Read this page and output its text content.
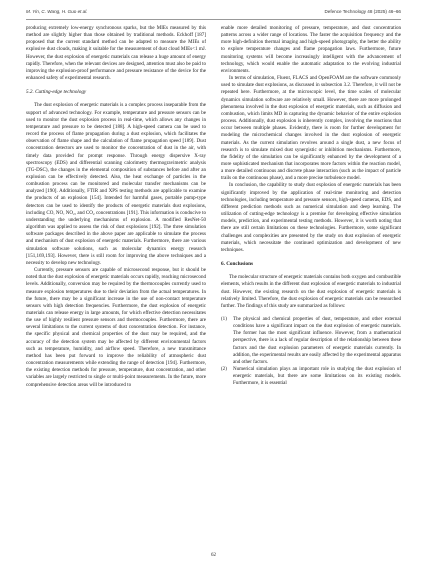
M. Yin, C. Wang, H. Guo et al.	Defence Technology 48 (2025) 46–66

producing extremely low-energy synchronous sparks, but the MIEs measured by this method are slightly higher than those obtained by traditional methods. Eckhoff [187] proposed that the current standard method can be adapted to measure the MIEs of explosive dust clouds, making it suitable for the measurement of dust cloud MIEs<1 mJ. However, the dust explosion of energetic materials can release a huge amount of energy rapidly. Therefore, when the relevant devices are designed, attention must also be paid to improving the explosion-proof performance and pressure resistance of the device for the enhanced safety of experimental research.

5.2. Cutting-edge technology

The dust explosion of energetic materials is a complex process inseparable from the support of advanced technology. For example, temperature and pressure sensors can be used to monitor the dust explosion process in real-time, which allows any changes in temperature and pressure to be detected [188]. A high-speed camera can be used to record the process of flame propagation during a dust explosion, which facilitates the observation of flame shape and the calculation of flame propagation speed [189]. Dust concentration detectors are used to monitor the concentration of dust in the air, with timely data provided for prompt response. Through energy dispersive X-ray spectroscopy (EDS) and differential scanning calorimetry thermogravimetric analysis (TG-DSC), the changes in the elemental composition of substances before and after an explosion can be effectively detected. Also, the heat exchange of particles in the combustion process can be monitored and molecular transfer mechanisms can be analyzed [190]. Additionally, FTIR and XPS testing methods are applicable to examine the products of an explosion [154]. Intended for harmful gases, portable pump-type detectors can be used to identify the products of energetic materials dust explosions, including CO, NO, NO₂, and CO₂ concentrations [191]. This information is conducive to understanding the underlying mechanisms of explosion. A modified ResNet-50 algorithm was applied to assess the risk of dust explosions [192]. The three simulation software packages described in the above paper are applicable to simulate the process and mechanism of dust explosion of energetic materials. Furthermore, there are various simulation software solutions, such as molecular dynamics energy research [151,169,193]. However, there is still room for improving the above techniques and a necessity to develop new technology.

Currently, pressure sensors are capable of microsecond response, but it should be noted that the dust explosion of energetic materials occurs rapidly, reaching microsecond levels. Additionally, conversion may be required by the thermocouples currently used to measure explosion temperatures due to their deviation from the actual temperatures. In the future, there may be a significant increase in the use of non-contact temperature sensors with high detection frequencies. Furthermore, the dust explosion of energetic materials can release energy in large amounts, for which effective detection necessitates the use of highly resilient pressure sensors and thermocouples. Furthermore, there are several limitations to the current systems of dust concentration detection. For instance, the specific physical and chemical properties of the dust may be required, and the accuracy of the detection system may be affected by different environmental factors such as temperature, humidity, and airflow speed. Therefore, a new transmittance method has been put forward to improve the reliability of atmospheric dust concentration measurements while extending the range of detection [194]. Furthermore, the existing detection methods for pressure, temperature, dust concentration, and other variables are largely restricted to single or multi-point measurements. In the future, more comprehensive detection areas will be introduced to

enable more detailed monitoring of pressure, temperature, and dust concentration patterns across a wider range of locations. The faster the acquisition frequency and the more high-definition thermal imaging and high-speed photography, the better the ability to explore temperature changes and flame propagation laws. Furthermore, future monitoring systems will become increasingly intelligent with the advancement of technology, which would enable the automatic adaptation to the evolving industrial environments.

In terms of simulation, Fluent, FLACS and OpenFOAM are the software commonly used to simulate dust explosions, as discussed in subsection 3.2. Therefore, it will not be repeated here. Furthermore, at the microscopic level, the time scales of molecular dynamics simulation software are relatively small. However, there are more prolonged phenomena involved in the dust explosion of energetic materials, such as diffusion and combustion, which limits MD in capturing the dynamic behavior of the entire explosion process. Additionally, dust explosion is inherently complex, involving the reactions that occur between multiple phases. Evidently, there is room for further development for modeling the microchemical changes involved in the dust explosion of energetic materials. As the current simulation revolves around a single dust, a new focus of research is to simulate mixed dust synergistic or inhibition mechanisms. Furthermore, the fidelity of the simulation can be significantly enhanced by the development of a more sophisticated mechanism that incorporates more factors within the reaction model, a more detailed continuous and discrete phase interaction (such as the impact of particle trails on the continuous phase), and a more precise turbulence model.

In conclusion, the capability to study dust explosion of energetic materials has been significantly improved by the application of real-time monitoring and detection technologies, including temperature and pressure sensors, high-speed cameras, EDS, and different prediction methods such as numerical simulation and deep learning. The utilization of cutting-edge technology is a premise for developing effective simulation models, prediction, and experimental testing methods. However, it is worth noting that there are still certain limitations on these technologies. Furthermore, some significant challenges and complexities are presented by the study on dust explosion of energetic materials, which necessitate the continued optimization and development of new techniques.

6. Conclusions

The molecular structure of energetic materials contains both oxygen and combustible elements, which results in the different dust explosion of energetic materials to industrial dust. However, the existing research on the dust explosion of energetic materials is relatively limited. Therefore, the dust explosion of energetic materials can be researched further. The findings of this study are summarized as follows:

(1) The physical and chemical properties of dust, temperature, and other external conditions have a significant impact on the dust explosion of energetic materials. The former has the most significant influence. However, from a mathematical perspective, there is a lack of regular description of the relationship between these factors and the dust explosion parameters of energetic materials currently. In addition, the experimental results are easily affected by the experimental apparatus and other factors.
(2) Numerical simulation plays an important role in studying the dust explosion of energetic materials, but there are some limitations on its existing models. Furthermore, it is essential
62
